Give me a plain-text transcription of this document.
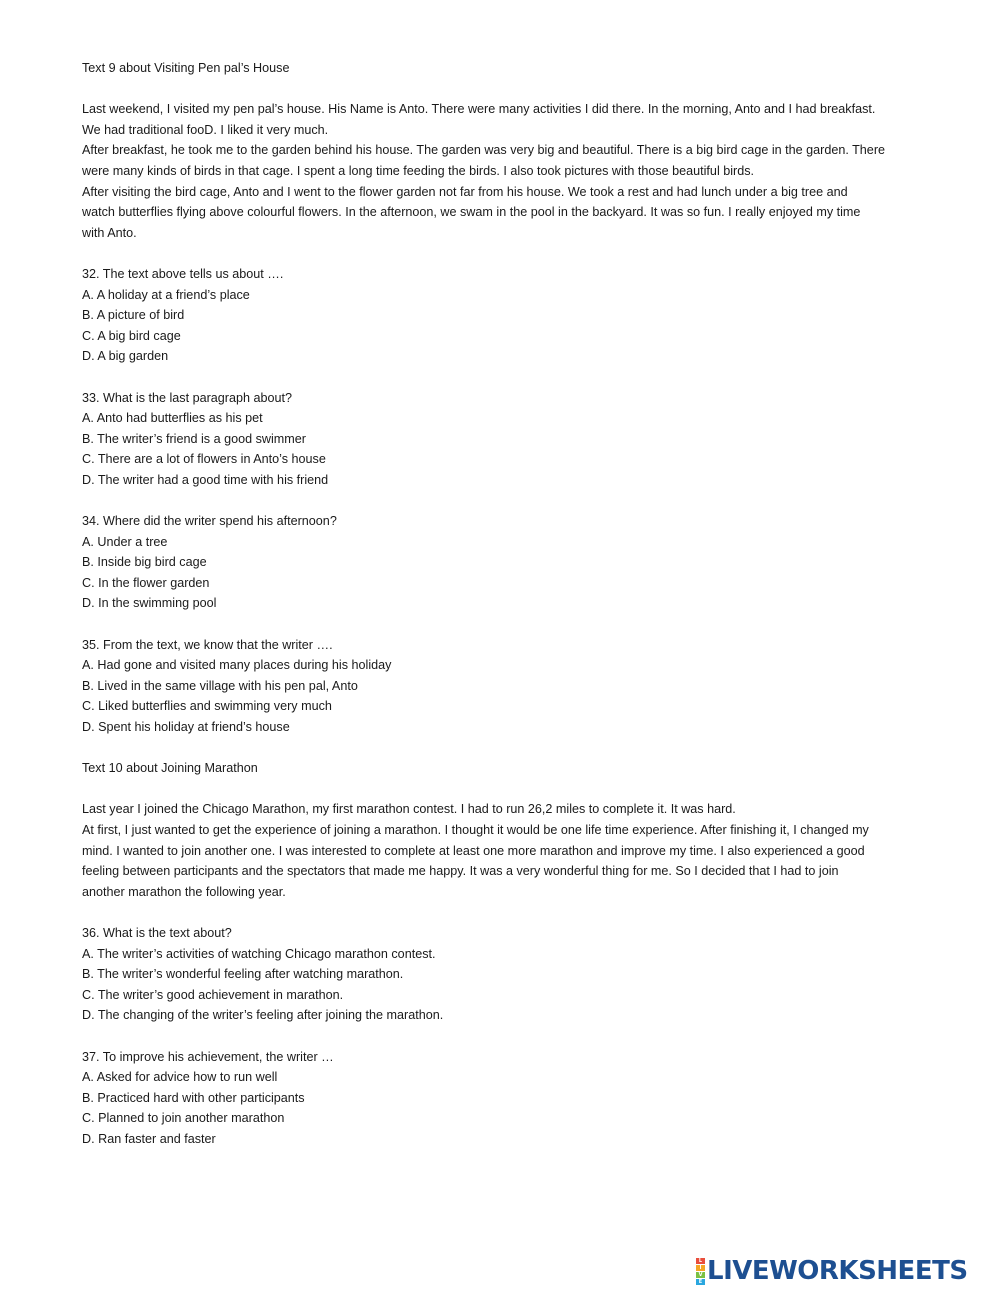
Text 9 about Visiting Pen pal’s House
Last weekend, I visited my pen pal’s house. His Name is Anto. There were many activities I did there. In the morning, Anto and I had breakfast.
We had traditional fooD. I liked it very much.
After breakfast, he took me to the garden behind his house. The garden was very big and beautiful. There is a big bird cage in the garden. There
were many kinds of birds in that cage. I spent a long time feeding the birds. I also took pictures with those beautiful birds.
After visiting the bird cage, Anto and I went to the flower garden not far from his house. We took a rest and had lunch under a big tree and
watch butterflies flying above colourful flowers. In the afternoon, we swam in the pool in the backyard. It was so fun. I really enjoyed my time
with Anto.
32. The text above tells us about ….
A. A holiday at a friend’s place
B. A picture of bird
C. A big bird cage
D. A big garden
33. What is the last paragraph about?
A. Anto had butterflies as his pet
B. The writer’s friend is a good swimmer
C. There are a lot of flowers in Anto’s house
D. The writer had a good time with his friend
34. Where did the writer spend his afternoon?
A. Under a tree
B. Inside big bird cage
C. In the flower garden
D. In the swimming pool
35. From the text, we know that the writer ….
A. Had gone and visited many places during his holiday
B. Lived in the same village with his pen pal, Anto
C. Liked butterflies and swimming very much
D. Spent his holiday at friend’s house
Text 10 about Joining Marathon
Last year I joined the Chicago Marathon, my first marathon contest. I had to run 26,2 miles to complete it. It was hard.
At first, I just wanted to get the experience of joining a marathon. I thought it would be one life time experience. After finishing it, I changed my
mind. I wanted to join another one. I was interested to complete at least one more marathon and improve my time. I also experienced a good
feeling between participants and the spectators that made me happy. It was a very wonderful thing for me. So I decided that I had to join
another marathon the following year.
36. What is the text about?
A. The writer’s activities of watching Chicago marathon contest.
B. The writer’s wonderful feeling after watching marathon.
C. The writer’s good achievement in marathon.
D. The changing of the writer’s feeling after joining the marathon.
37. To improve his achievement, the writer …
A. Asked for advice how to run well
B. Practiced hard with other participants
C. Planned to join another marathon
D. Ran faster and faster
L
I
V
E LIVEWORKSHEETS
